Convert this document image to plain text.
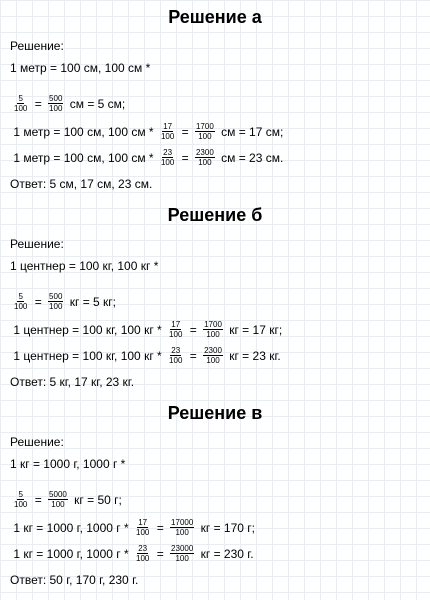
Решение а
Решение:
1 метр = 100 см, 100 см *
$\frac{5}{100} = \frac{500}{100}$ см = 5 см;
1 метр = 100 см, 100 см * $\frac{17}{100} = \frac{1700}{100}$ см = 17 см;
1 метр = 100 см, 100 см * $\frac{23}{100} = \frac{2300}{100}$ см = 23 см.
Ответ: 5 см, 17 см, 23 см.
Решение б
Решение:
1 центнер = 100 кг, 100 кг *
$\frac{5}{100} = \frac{500}{100}$ кг = 5 кг;
1 центнер = 100 кг, 100 кг * $\frac{17}{100} = \frac{1700}{100}$ кг = 17 кг;
1 центнер = 100 кг, 100 кг * $\frac{23}{100} = \frac{2300}{100}$ кг = 23 кг.
Ответ: 5 кг, 17 кг, 23 кг.
Решение в
Решение:
1 кг = 1000 г, 1000 г *
$\frac{5}{100} = \frac{5000}{100}$ кг = 50 г;
1 кг = 1000 г, 1000 $г * \frac{17}{100} = \frac{17000}{100}$ кг = 170 г;
1 кг = 1000 г, 1000 $г * \frac{23}{100} = \frac{23000}{100}$ кг = 230 г.
Ответ: 50 г, 170 г, 230 г.
